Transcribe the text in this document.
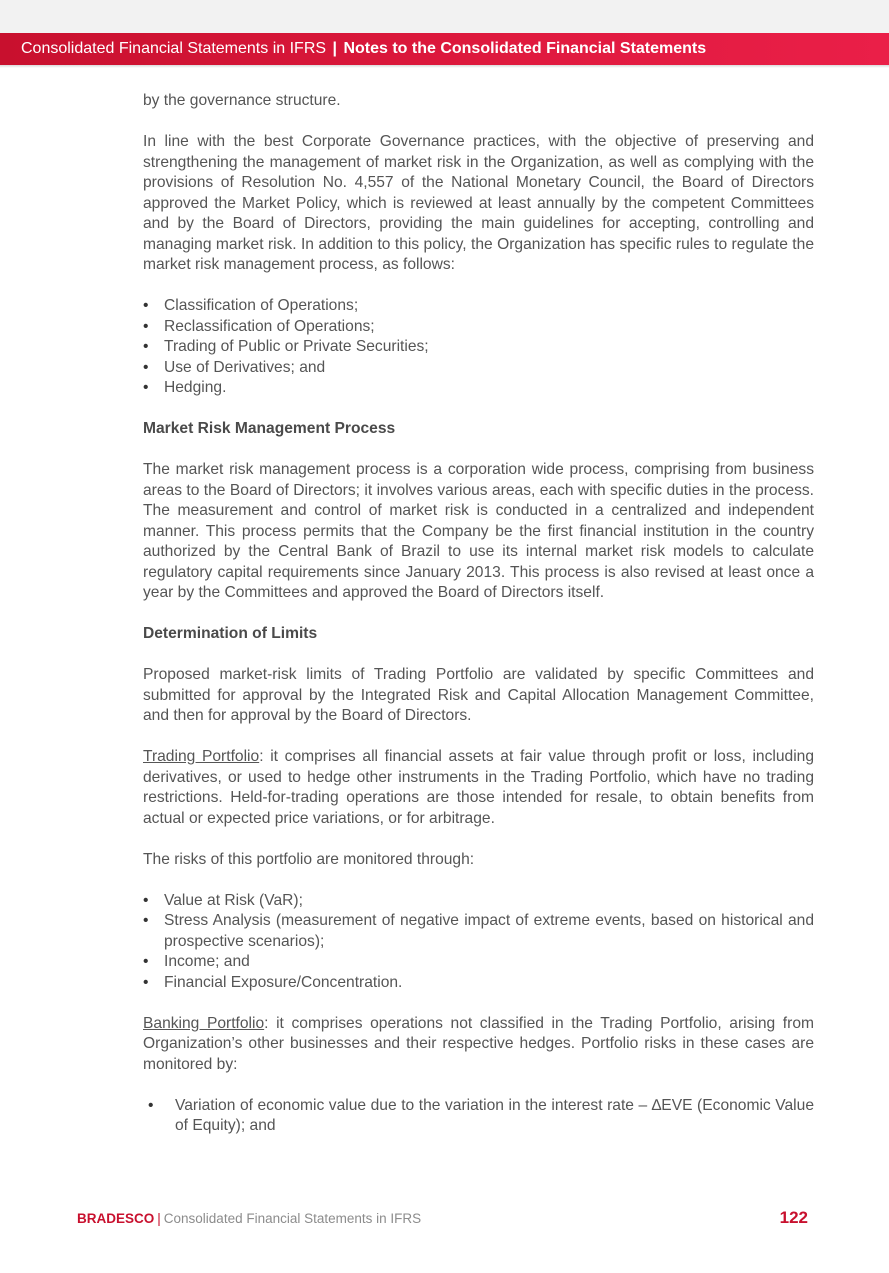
Consolidated Financial Statements in IFRS | Notes to the Consolidated Financial Statements

by the governance structure.

In line with the best Corporate Governance practices, with the objective of preserving and strengthening the management of market risk in the Organization, as well as complying with the provisions of Resolution No. 4,557 of the National Monetary Council, the Board of Directors approved the Market Policy, which is reviewed at least annually by the competent Committees and by the Board of Directors, providing the main guidelines for accepting, controlling and managing market risk. In addition to this policy, the Organization has specific rules to regulate the market risk management process, as follows:

• Classification of Operations;
• Reclassification of Operations;
• Trading of Public or Private Securities;
• Use of Derivatives; and
• Hedging.
Market Risk Management Process

The market risk management process is a corporation wide process, comprising from business areas to the Board of Directors; it involves various areas, each with specific duties in the process. The measurement and control of market risk is conducted in a centralized and independent manner. This process permits that the Company be the first financial institution in the country authorized by the Central Bank of Brazil to use its internal market risk models to calculate regulatory capital requirements since January 2013. This process is also revised at least once a year by the Committees and approved the Board of Directors itself.

Determination of Limits

Proposed market-risk limits of Trading Portfolio are validated by specific Committees and submitted for approval by the Integrated Risk and Capital Allocation Management Committee, and then for approval by the Board of Directors.

Trading Portfolio: it comprises all financial assets at fair value through profit or loss, including derivatives, or used to hedge other instruments in the Trading Portfolio, which have no trading restrictions. Held-for-trading operations are those intended for resale, to obtain benefits from actual or expected price variations, or for arbitrage.

The risks of this portfolio are monitored through:

• Value at Risk (VaR);
• Stress Analysis (measurement of negative impact of extreme events, based on historical and prospective scenarios);
• Income; and
• Financial Exposure/Concentration.

Banking Portfolio: it comprises operations not classified in the Trading Portfolio, arising from Organization’s other businesses and their respective hedges. Portfolio risks in these cases are monitored by:

• Variation of economic value due to the variation in the interest rate – ∆EVE (Economic Value of Equity); and
BRADESCO | Consolidated Financial Statements in IFRS	122
